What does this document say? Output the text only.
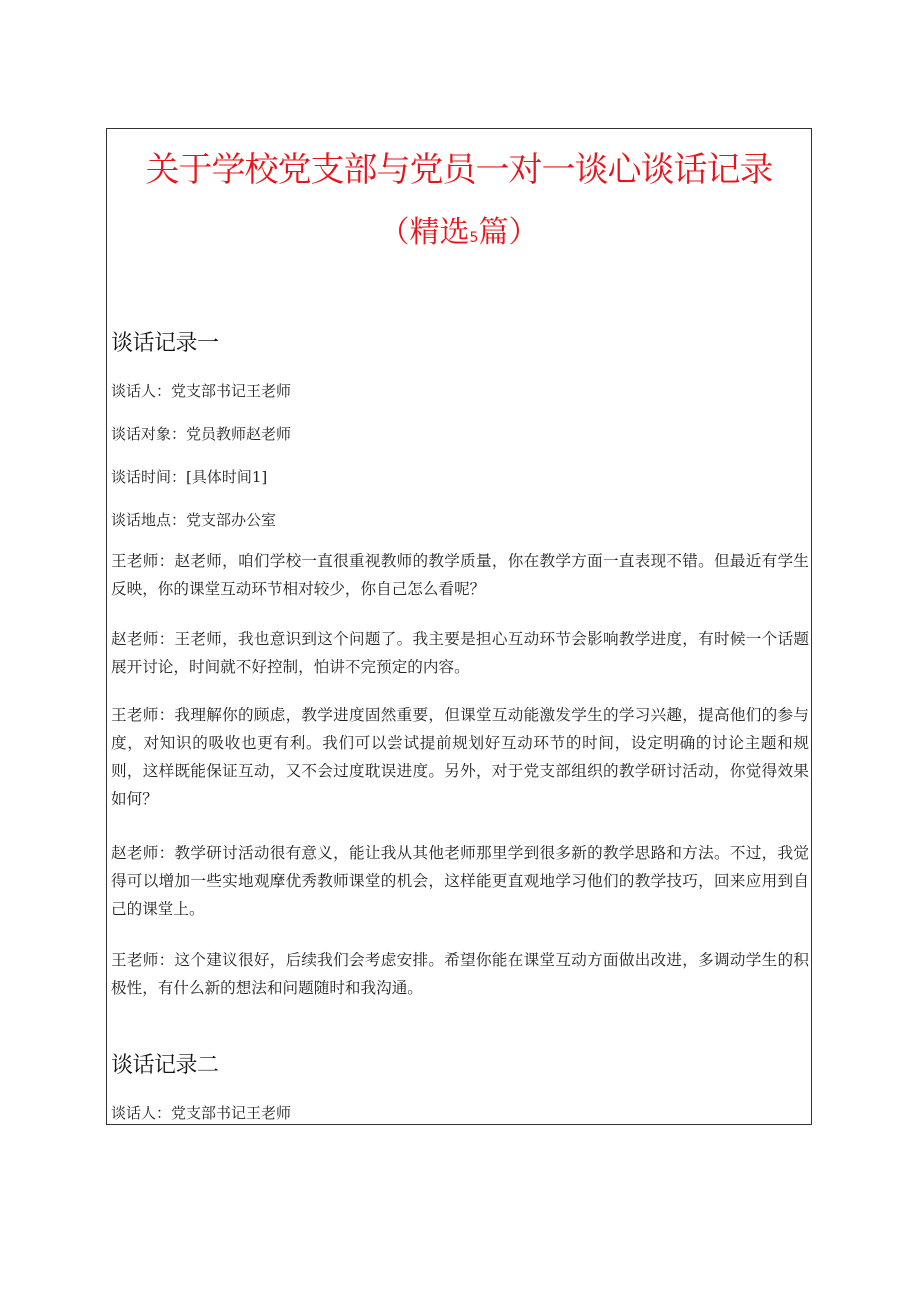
关于学校党支部与党员一对一谈心谈话记录
（精选5篇）
谈话记录一

谈话人：党支部书记王老师

谈话对象：党员教师赵老师

谈话时间：[具体时间1]

谈话地点：党支部办公室

王老师：赵老师，咱们学校一直很重视教师的教学质量，你在教学方面一直表现不错。但最近有学生反映，你的课堂互动环节相对较少，你自己怎么看呢？

赵老师：王老师，我也意识到这个问题了。我主要是担心互动环节会影响教学进度，有时候一个话题展开讨论，时间就不好控制，怕讲不完预定的内容。

王老师：我理解你的顾虑，教学进度固然重要，但课堂互动能激发学生的学习兴趣，提高他们的参与度，对知识的吸收也更有利。我们可以尝试提前规划好互动环节的时间，设定明确的讨论主题和规则，这样既能保证互动，又不会过度耽误进度。另外，对于党支部组织的教学研讨活动，你觉得效果如何？

赵老师：教学研讨活动很有意义，能让我从其他老师那里学到很多新的教学思路和方法。不过，我觉得可以增加一些实地观摩优秀教师课堂的机会，这样能更直观地学习他们的教学技巧，回来应用到自己的课堂上。

王老师：这个建议很好，后续我们会考虑安排。希望你能在课堂互动方面做出改进，多调动学生的积极性，有什么新的想法和问题随时和我沟通。

谈话记录二

谈话人：党支部书记王老师
